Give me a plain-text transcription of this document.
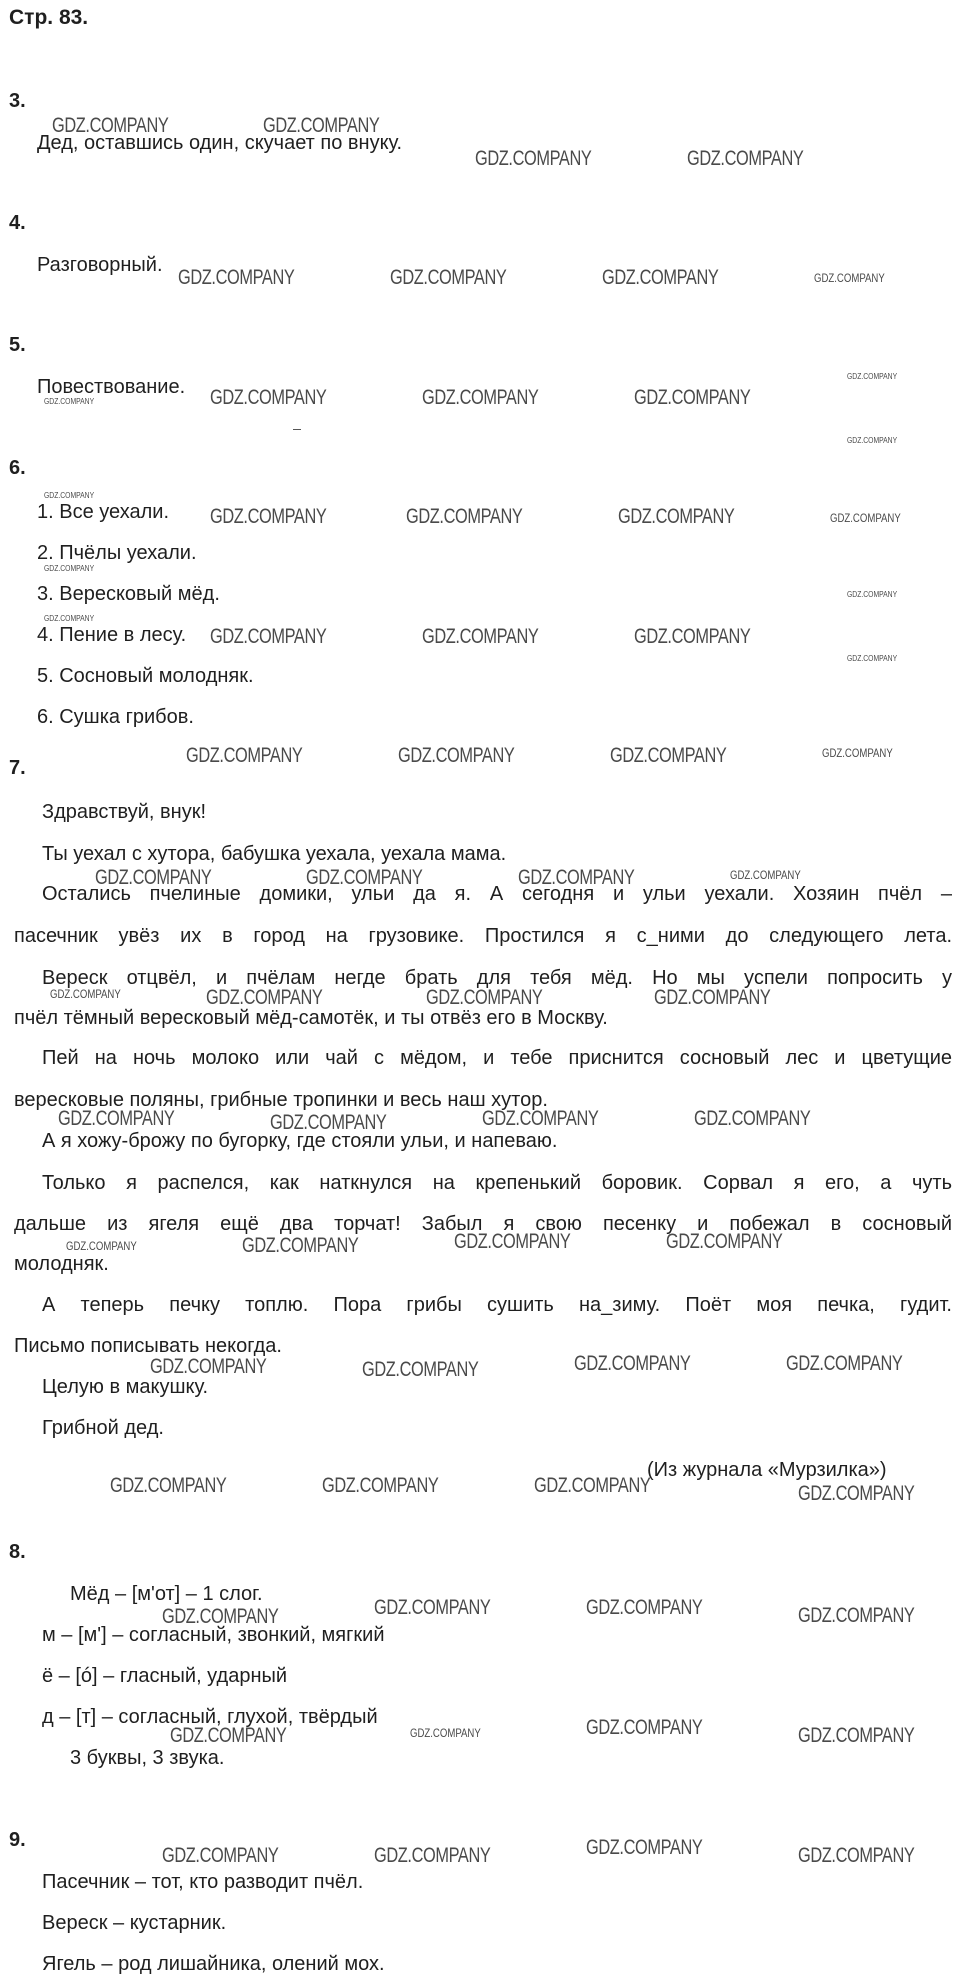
Стр. 83.
3.
Дед, оставшись один, скучает по внуку.
4.
Разговорный.
5.
Повествование.
6.
1. Все уехали.
2. Пчёлы уехали.
3. Вересковый мёд.
4. Пение в лесу.
5. Сосновый молодняк.
6. Сушка грибов.
7.
Здравствуй, внук!
Ты уехал с хутора, бабушка уехала, уехала мама.
Остались пчелиные домики, ульи да я. А сегодня и ульи уехали. Хозяин пчёл –
пасечник увёз их в город на грузовике. Простился я с_ними до следующего лета.
Вереск отцвёл, и пчёлам негде брать для тебя мёд. Но мы успели попросить у
пчёл тёмный вересковый мёд-самотёк, и ты отвёз его в Москву.
Пей на ночь молоко или чай с мёдом, и тебе приснится сосновый лес и цветущие
вересковые поляны, грибные тропинки и весь наш хутор.
А я хожу-брожу по бугорку, где стояли ульи, и напеваю.
Только я распелся, как наткнулся на крепенький боровик. Сорвал я его, а чуть
дальше из ягеля ещё два торчат! Забыл я свою песенку и побежал в сосновый
молодняк.
А теперь печку топлю. Пора грибы сушить на_зиму. Поёт моя печка, гудит.
Письмо пописывать некогда.
Целую в макушку.
Грибной дед.
(Из журнала «Мурзилка»)
8.
Мёд – [м'от] – 1 слог.
м – [м'] – согласный, звонкий, мягкий
ё – [ó] – гласный, ударный
д – [т] – согласный, глухой, твёрдый
3 буквы, 3 звука.
9.
Пасечник – тот, кто разводит пчёл.
Вереск – кустарник.
Ягель – род лишайника, олений мох.
GDZ.COMPANY	GDZ.COMPANY
GDZ.COMPANY	GDZ.COMPANY
GDZ.COMPANY	GDZ.COMPANY	GDZ.COMPANY	GDZ.COMPANY
GDZ.COMPANY	GDZ.COMPANY	GDZ.COMPANY	GDZ.COMPANY
GDZ.COMPANY
GDZ.COMPANY
GDZ.COMPANY
GDZ.COMPANY	GDZ.COMPANY	GDZ.COMPANY	GDZ.COMPANY
GDZ.COMPANY
GDZ.COMPANY
GDZ.COMPANY
GDZ.COMPANY	GDZ.COMPANY	GDZ.COMPANY
GDZ.COMPANY
GDZ.COMPANY	GDZ.COMPANY	GDZ.COMPANY	GDZ.COMPANY
GDZ.COMPANY	GDZ.COMPANY	GDZ.COMPANY	GDZ.COMPANY
GDZ.COMPANY	GDZ.COMPANY	GDZ.COMPANY	GDZ.COMPANY
GDZ.COMPANY	GDZ.COMPANY	GDZ.COMPANY	GDZ.COMPANY
GDZ.COMPANY	GDZ.COMPANY	GDZ.COMPANY	GDZ.COMPANY
GDZ.COMPANY	GDZ.COMPANY	GDZ.COMPANY	GDZ.COMPANY
GDZ.COMPANY	GDZ.COMPANY	GDZ.COMPANY	GDZ.COMPANY
GDZ.COMPANY	GDZ.COMPANY	GDZ.COMPANY	GDZ.COMPANY
GDZ.COMPANY	GDZ.COMPANY	GDZ.COMPANY	GDZ.COMPANY
GDZ.COMPANY	GDZ.COMPANY	GDZ.COMPANY	GDZ.COMPANY
